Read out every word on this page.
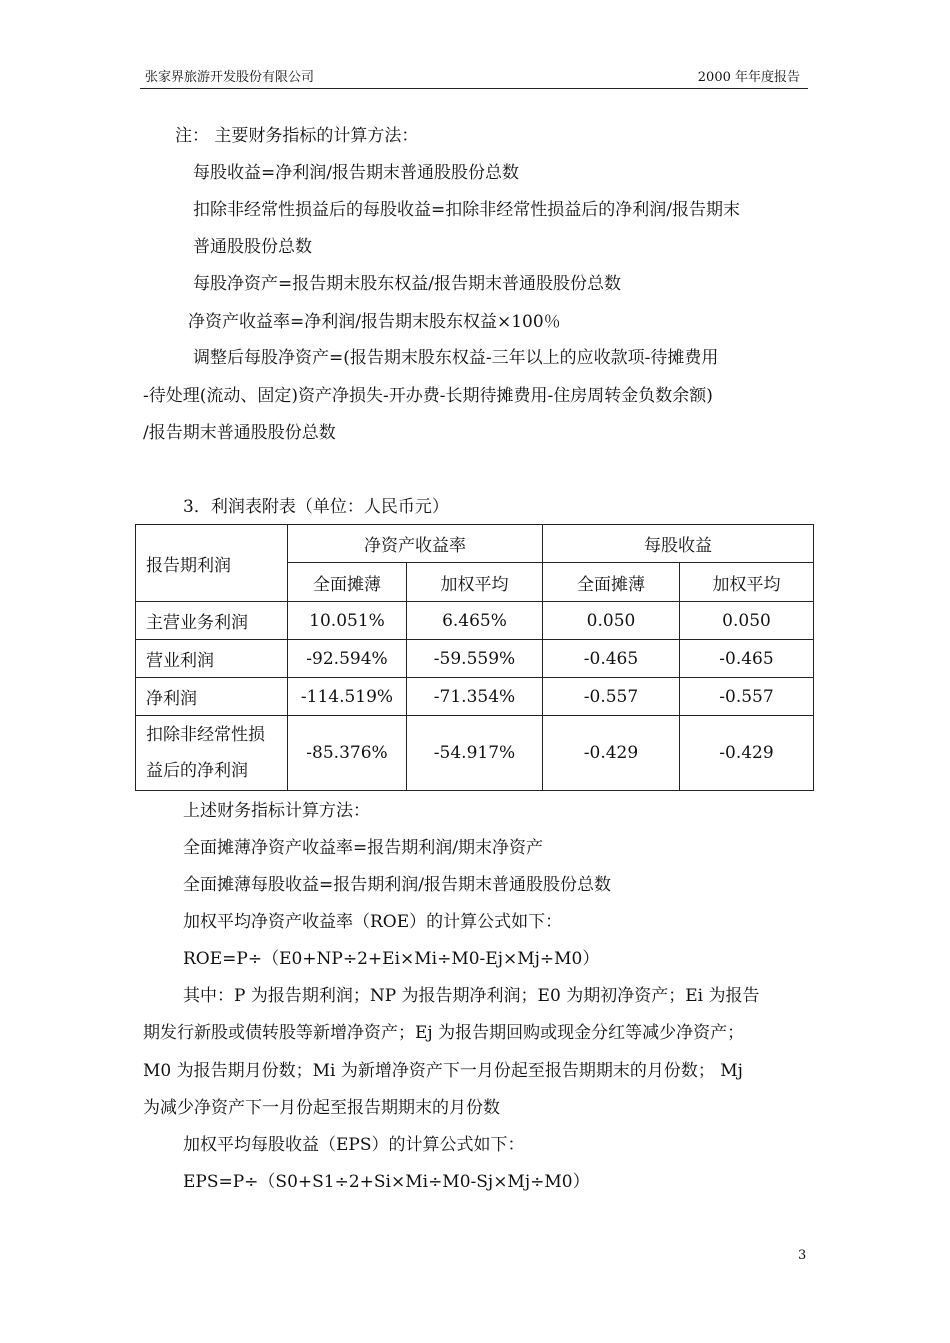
张家界旅游开发股份有限公司	2000 年年度报告
注： 主要财务指标的计算方法：
每股收益=净利润/报告期末普通股股份总数
扣除非经常性损益后的每股收益=扣除非经常性损益后的净利润/报告期末
普通股股份总数
每股净资产=报告期末股东权益/报告期末普通股股份总数
净资产收益率=净利润/报告期末股东权益×100％
调整后每股净资产=(报告期末股东权益-三年以上的应收款项-待摊费用
-待处理(流动、固定)资产净损失-开办费-长期待摊费用-住房周转金负数余额)
/报告期末普通股股份总数
3．利润表附表（单位：人民币元）
报告期利润	净资产收益率		每股收益	
	全面摊薄	加权平均	全面摊薄	加权平均
主营业务利润	10.051%	6.465%	0.050	0.050
营业利润	-92.594%	-59.559%	-0.465	-0.465
净利润	-114.519%	-71.354%	-0.557	-0.557

扣除非经常性损
益后的净利润	-85.376%	-54.917%	-0.429	-0.429
上述财务指标计算方法：
全面摊薄净资产收益率=报告期利润/期末净资产
全面摊薄每股收益=报告期利润/报告期末普通股股份总数
加权平均净资产收益率（ROE）的计算公式如下：
ROE=P÷（E0+NP÷2+Ei×Mi÷M0-Ej×Mj÷M0）
其中：P 为报告期利润；NP 为报告期净利润；E0 为期初净资产；Ei 为报告
期发行新股或债转股等新增净资产；Ej 为报告期回购或现金分红等减少净资产；
M0 为报告期月份数；Mi 为新增净资产下一月份起至报告期期末的月份数； Mj
为减少净资产下一月份起至报告期期末的月份数
加权平均每股收益（EPS）的计算公式如下：
EPS=P÷（S0+S1÷2+Si×Mi÷M0-Sj×Mj÷M0）
3
